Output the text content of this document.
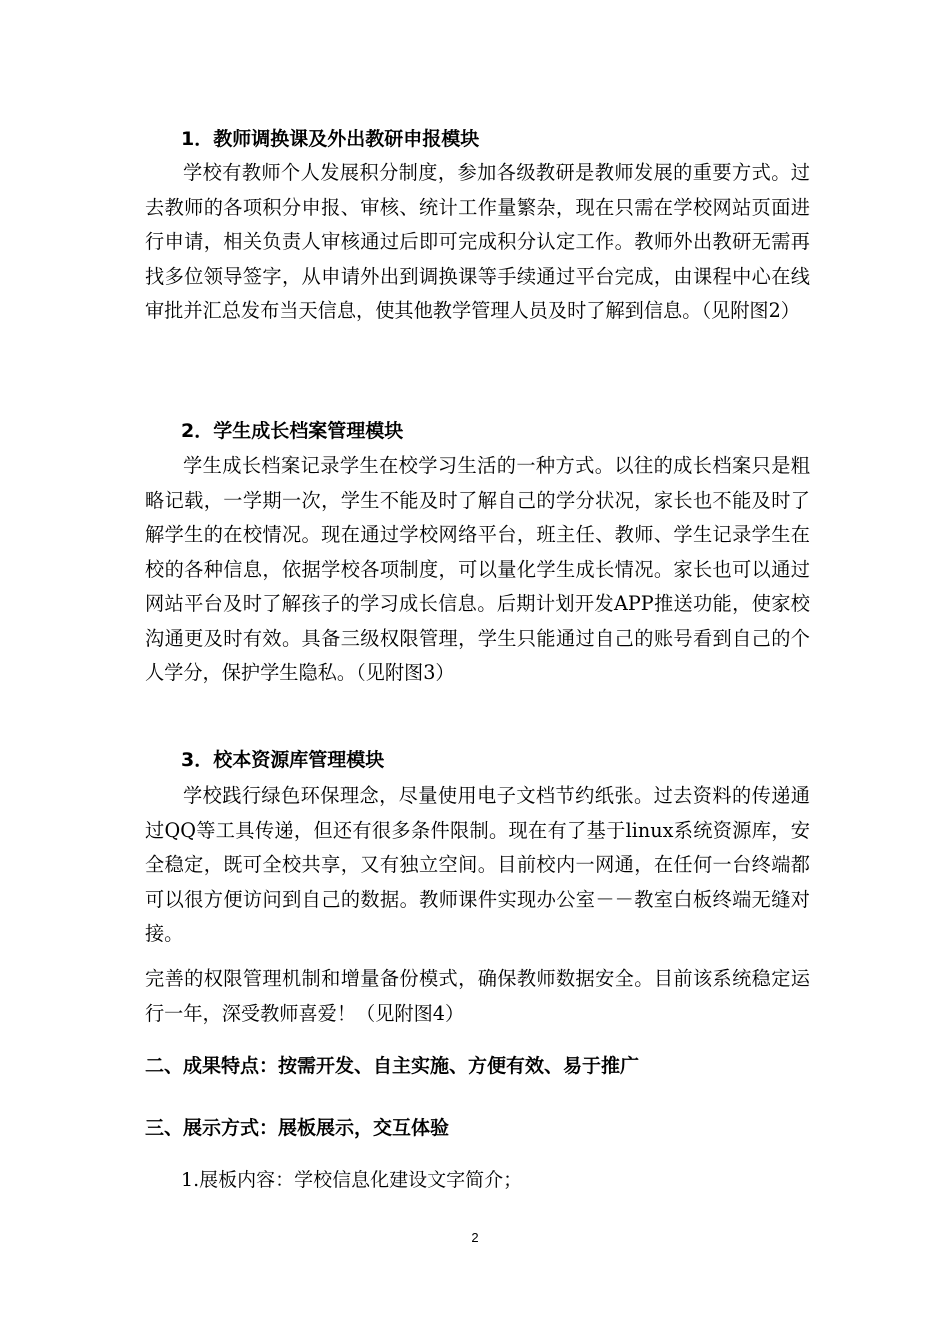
1．教师调换课及外出教研申报模块

学校有教师个人发展积分制度，参加各级教研是教师发展的重要方式。过去教师的各项积分申报、审核、统计工作量繁杂，现在只需在学校网站页面进行申请，相关负责人审核通过后即可完成积分认定工作。教师外出教研无需再找多位领导签字，从申请外出到调换课等手续通过平台完成，由课程中心在线审批并汇总发布当天信息，使其他教学管理人员及时了解到信息。（见附图2）

2．学生成长档案管理模块

学生成长档案记录学生在校学习生活的一种方式。以往的成长档案只是粗略记载，一学期一次，学生不能及时了解自己的学分状况，家长也不能及时了解学生的在校情况。现在通过学校网络平台，班主任、教师、学生记录学生在校的各种信息，依据学校各项制度，可以量化学生成长情况。家长也可以通过网站平台及时了解孩子的学习成长信息。后期计划开发APP推送功能，使家校沟通更及时有效。具备三级权限管理，学生只能通过自己的账号看到自己的个人学分，保护学生隐私。（见附图3）

3．校本资源库管理模块

学校践行绿色环保理念，尽量使用电子文档节约纸张。过去资料的传递通过QQ等工具传递，但还有很多条件限制。现在有了基于linux系统资源库，安全稳定，既可全校共享，又有独立空间。目前校内一网通，在任何一台终端都可以很方便访问到自己的数据。教师课件实现办公室－－教室白板终端无缝对接。

完善的权限管理机制和增量备份模式，确保教师数据安全。目前该系统稳定运行一年，深受教师喜爱！（见附图4）

二、成果特点：按需开发、自主实施、方便有效、易于推广
三、展示方式：展板展示，交互体验
1.展板内容：学校信息化建设文字简介；
2
